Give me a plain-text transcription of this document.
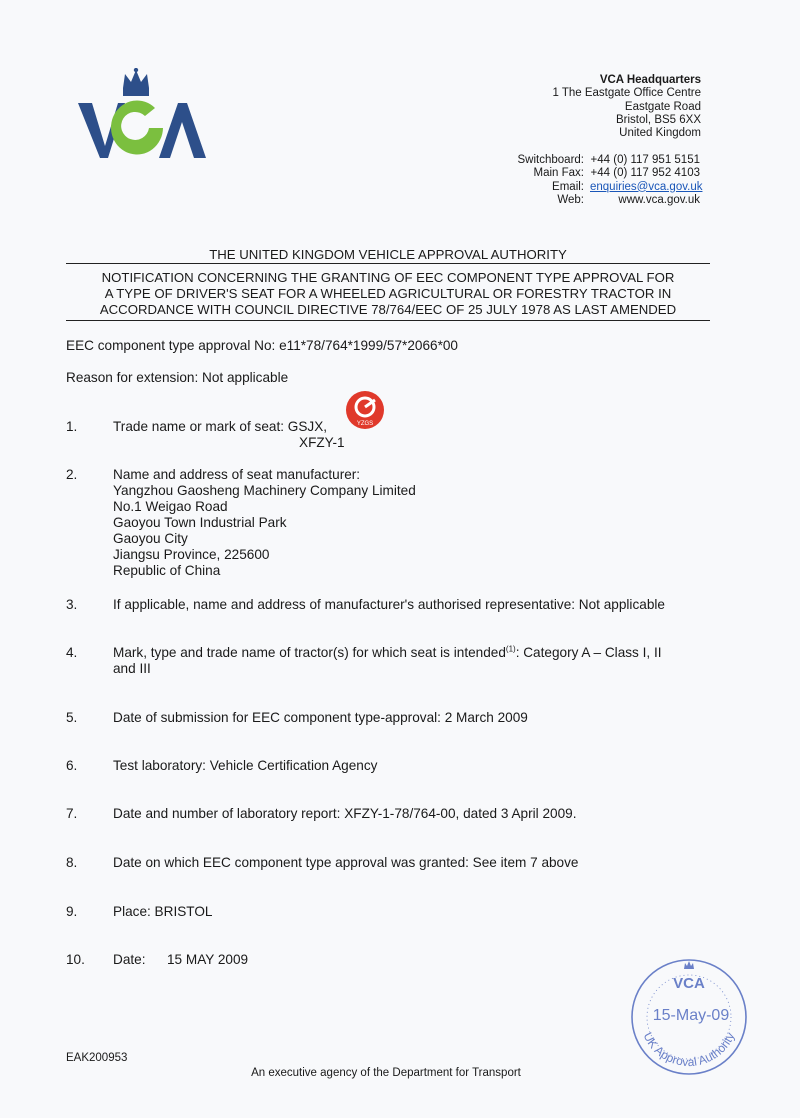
VCA Headquarters
1 The Eastgate Office Centre
Eastgate Road
Bristol, BS5 6XX
United Kingdom
Switchboard: +44 (0) 117 951 5151
Main Fax: +44 (0) 117 952 4103
Email: enquiries@vca.gov.uk
Web:	www.vca.gov.uk
THE UNITED KINGDOM VEHICLE APPROVAL AUTHORITY
NOTIFICATION CONCERNING THE GRANTING OF EEC COMPONENT TYPE APPROVAL FOR
A TYPE OF DRIVER'S SEAT FOR A WHEELED AGRICULTURAL OR FORESTRY TRACTOR IN
ACCORDANCE WITH COUNCIL DIRECTIVE 78/764/EEC OF 25 JULY 1978 AS LAST AMENDED
EEC component type approval No: e11*78/764*1999/57*2066*00
Reason for extension: Not applicable
1.	Trade name or mark of seat: GSJX,
XFZY-1
YZGS
2.	Name and address of seat manufacturer:
Yangzhou Gaosheng Machinery Company Limited
No.1 Weigao Road
Gaoyou Town Industrial Park
Gaoyou City
Jiangsu Province, 225600
Republic of China
3.	If applicable, name and address of manufacturer's authorised representative: Not applicable
4.	Mark, type and trade name of tractor(s) for which seat is intended$^{(1)}$: Category A – Class I, II
and III
5.	Date of submission for EEC component type-approval: 2 March 2009
6.	Test laboratory: Vehicle Certification Agency
7.	Date and number of laboratory report: XFZY-1-78/764-00, dated 3 April 2009.
8.	Date on which EEC component type approval was granted: See item 7 above
9.	Place: BRISTOL
10. Date: 15 MAY 2009
VCA
15-May-09
UK Approval Authority
EAK200953
An executive agency of the Department for Transport
